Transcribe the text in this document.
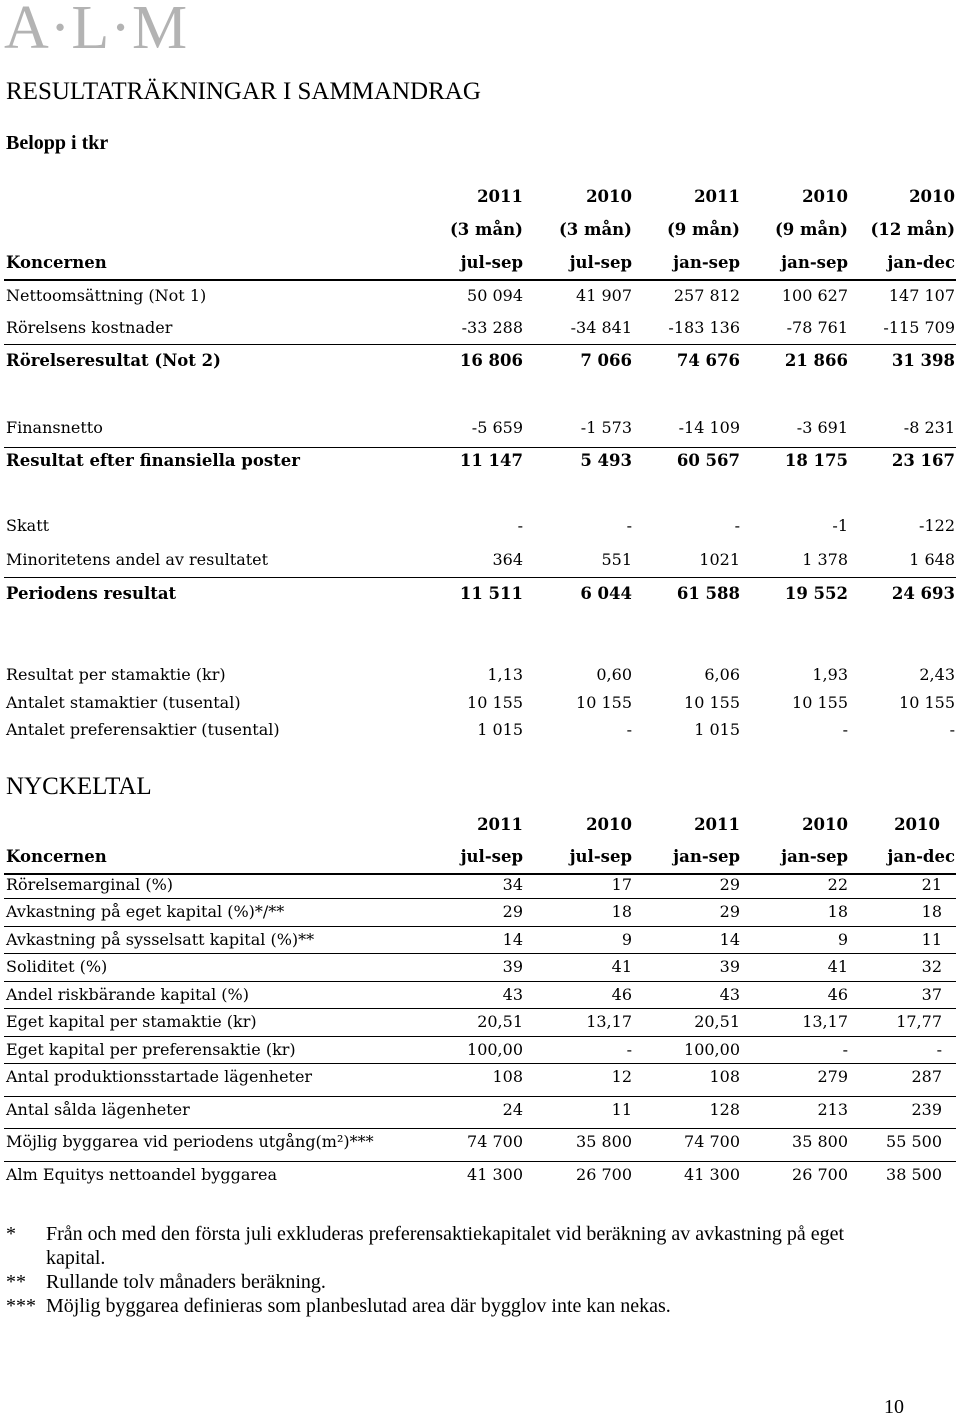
A·L·M
RESULTATRÄKNINGAR I SAMMANDRAG
Belopp i tkr
2011	2010	2011	2010	2010
(3 mån)	(3 mån)	(9 mån)	(9 mån)	(12 mån)
Koncernen	jul-sep	jul-sep	jan-sep	jan-sep	jan-dec
Nettoomsättning (Not 1)	50 094	41 907	257 812	100 627	147 107
Rörelsens kostnader	-33 288	-34 841	-183 136	-78 761	-115 709
Rörelseresultat (Not 2)	16 806	7 066	74 676	21 866	31 398
Finansnetto	-5 659	-1 573	-14 109	-3 691	-8 231
Resultat efter finansiella poster	11 147	5 493	60 567	18 175	23 167
Skatt	-	-	-	-1	-122
Minoritetens andel av resultatet	364	551	1021	1 378	1 648
Periodens resultat	11 511	6 044	61 588	19 552	24 693
Resultat per stamaktie (kr)	1,13	0,60	6,06	1,93	2,43
Antalet stamaktier (tusental)	10 155	10 155	10 155	10 155	10 155
Antalet preferensaktier (tusental)	1 015	-	1 015	-	-
NYCKELTAL
2011	2010	2011	2010	2010
Koncernen	jul-sep	jul-sep	jan-sep	jan-sep	jan-dec
Rörelsemarginal (%)	34	17	29	22	21
Avkastning på eget kapital (%)*/**	29	18	29	18	18
Avkastning på sysselsatt kapital (%)**	14	9	14	9	11
Soliditet (%)	39	41	39	41	32
Andel riskbärande kapital (%)	43	46	43	46	37
Eget kapital per stamaktie (kr)	20,51	13,17	20,51	13,17	17,77
Eget kapital per preferensaktie (kr)	100,00	-	100,00	-	-
Antal produktionsstartade lägenheter	108	12	108	279	287
Antal sålda lägenheter	24	11	128	213	239
Möjlig byggarea vid periodens utgång(m²)***	74 700	35 800	74 700	35 800	55 500
Alm Equitys nettoandel byggarea	41 300	26 700	41 300	26 700	38 500
* Från och med den första juli exkluderas preferensaktiekapitalet vid beräkning av avkastning på eget kapital.
** Rullande tolv månaders beräkning.
*** Möjlig byggarea definieras som planbeslutad area där bygglov inte kan nekas.
10
